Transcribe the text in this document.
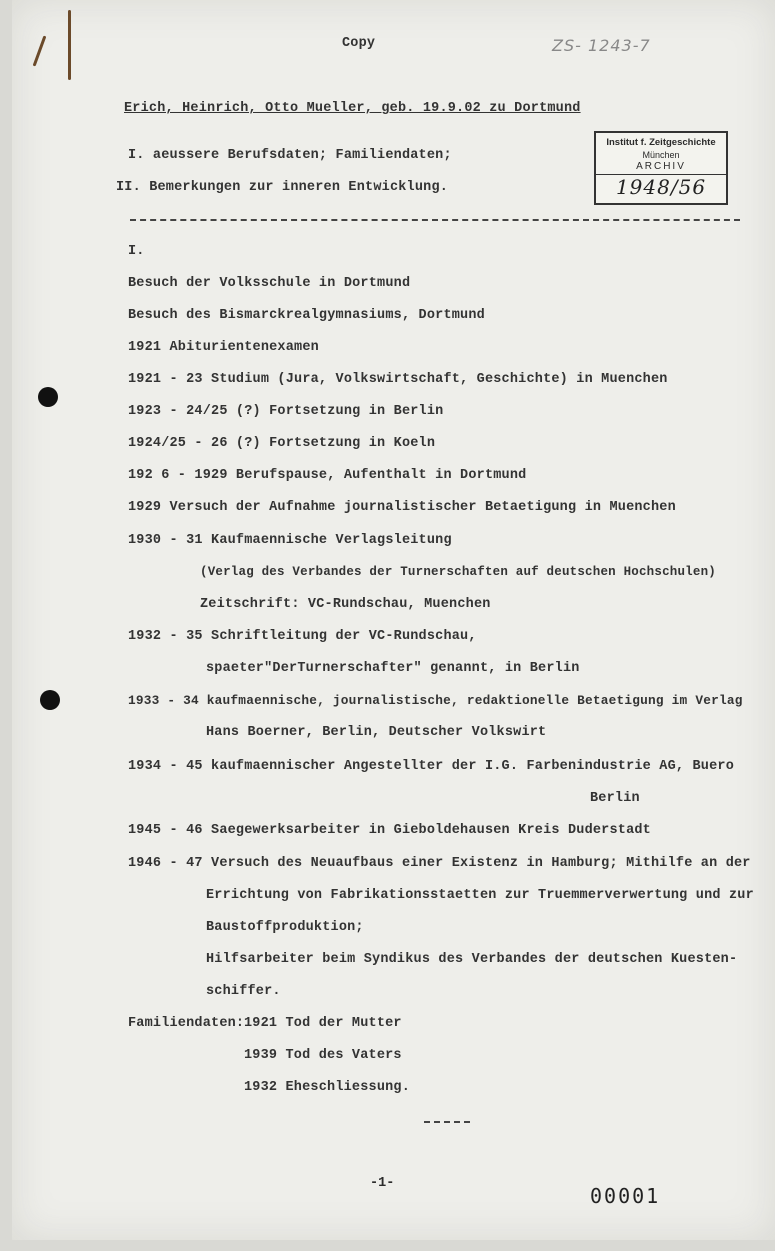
Copy	ZS- 1243-7
Erich, Heinrich, Otto Mueller, geb. 19.9.02 zu Dortmund
Institut f. Zeitgeschichte
München
ARCHIV
1948/56
I. aeussere Berufsdaten; Familiendaten;
II. Bemerkungen zur inneren Entwicklung.
I.
Besuch der Volksschule in Dortmund
Besuch des Bismarckrealgymnasiums, Dortmund
1921 Abiturientenexamen
1921 - 23 Studium (Jura, Volkswirtschaft, Geschichte) in Muenchen
1923 - 24/25 (?) Fortsetzung in Berlin
1924/25 - 26 (?) Fortsetzung in Koeln
192 6 - 1929 Berufspause, Aufenthalt in Dortmund
1929 Versuch der Aufnahme journalistischer Betaetigung in Muenchen
1930 - 31 Kaufmaennische Verlagsleitung
(Verlag des Verbandes der Turnerschaften auf deutschen Hochschulen)
Zeitschrift: VC-Rundschau, Muenchen
1932 - 35 Schriftleitung der VC-Rundschau,
spaeter"DerTurnerschafter" genannt, in Berlin
1933 - 34 kaufmaennische, journalistische, redaktionelle Betaetigung im Verlag
Hans Boerner, Berlin, Deutscher Volkswirt
1934 - 45 kaufmaennischer Angestellter der I.G. Farbenindustrie AG, Buero
Berlin
1945 - 46 Saegewerksarbeiter in Gieboldehausen Kreis Duderstadt
1946 - 47 Versuch des Neuaufbaus einer Existenz in Hamburg; Mithilfe an der
Errichtung von Fabrikationsstaetten zur Truemmerverwertung und zur
Baustoffproduktion;
Hilfsarbeiter beim Syndikus des Verbandes der deutschen Kuesten-
schiffer.
Familiendaten: 1921 Tod der Mutter
1939 Tod des Vaters
1932 Eheschliessung.
-1-
00001
